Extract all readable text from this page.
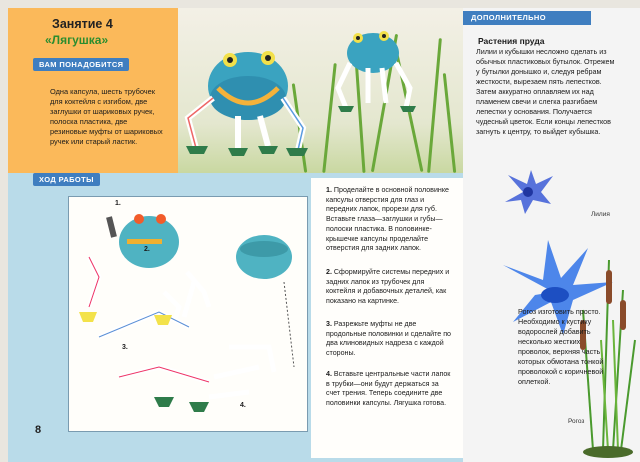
Занятие 4
«Лягушка»
ВАМ ПОНАДОБИТСЯ
Одна капсула, шесть трубочек для коктейля с изгибом, две заглушки от шариковых ручек, полоска пластика, две резиновые муфты от шариковых ручек или старый ластик.
ДОПОЛНИТЕЛЬНО
Растения пруда
Лилии и кубышки несложно сделать из обычных пластиковых бутылок. Отрежем у бутылки донышко и, следуя ребрам жесткости, вырезаем пять лепестков. Затем аккуратно оплавляем их над пламенем свечи и слегка разгибаем лепестки у основания. Получается чудесный цветок. Если концы лепестков загнуть к центру, то выйдет кубышка.
Лилия
Рогоз изготовить просто. Необходимо к кустику водорослей добавить несколько жестких проволок, верхняя часть которых обмотана тонкой проволокой с коричневой оплеткой.
Рогоз
ХОД РАБОТЫ
1.
2.
3.
4.
1. Проделайте в основной половинке капсулы отверстия для глаз и передних лапок, прорези для губ. Вставьте глаза—заглушки и губы—полоски пластика. В половинке-крышечке капсулы проделайте отверстия для задних лапок.
2. Сформируйте системы передних и задних лапок из трубочек для коктейля и добавочных деталей, как показано на картинке.
3. Разрежьте муфты не две продольные половинки и сделайте по два клиновидных надреза с каждой стороны.
4. Вставьте центральные части лапок в трубки—они будут держаться за счет трения. Теперь соедините две половинки капсулы. Лягушка готова.
8
